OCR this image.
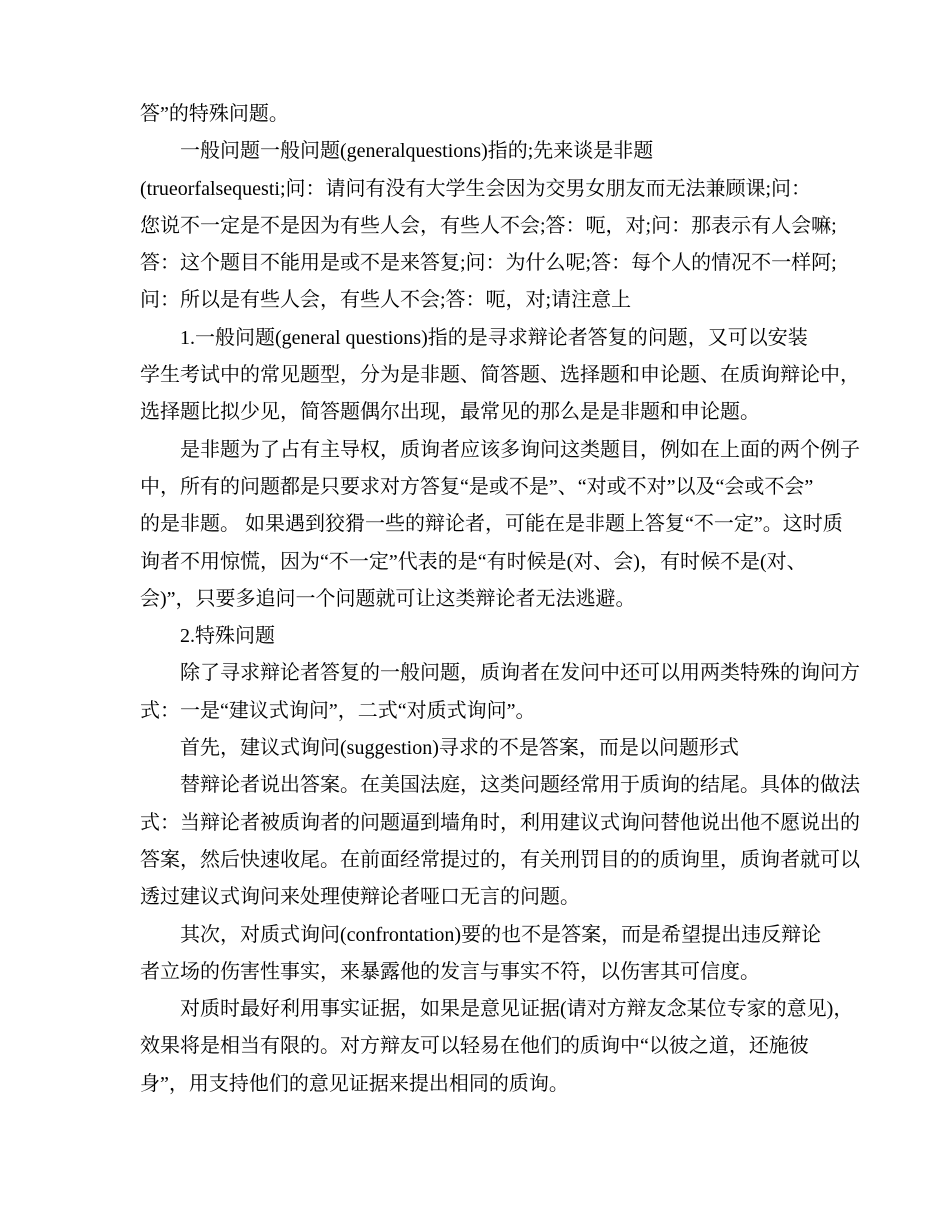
答”的特殊问题。
一般问题一般问题(generalquestions)指的;先来谈是非题
(trueorfalsequesti;问：请问有没有大学生会因为交男女朋友而无法兼顾课;问：
您说不一定是不是因为有些人会，有些人不会;答：呃，对;问：那表示有人会嘛;
答：这个题目不能用是或不是来答复;问：为什么呢;答：每个人的情况不一样阿;
问：所以是有些人会，有些人不会;答：呃，对;请注意上
1.一般问题(general questions)指的是寻求辩论者答复的问题，又可以安装
学生考试中的常见题型，分为是非题、简答题、选择题和申论题、在质询辩论中，
选择题比拟少见，简答题偶尔出现，最常见的那么是是非题和申论题。
是非题为了占有主导权，质询者应该多询问这类题目，例如在上面的两个例子
中，所有的问题都是只要求对方答复“是或不是”、“对或不对”以及“会或不会”
的是非题。 如果遇到狡猾一些的辩论者，可能在是非题上答复“不一定”。这时质
询者不用惊慌，因为“不一定”代表的是“有时候是(对、会)，有时候不是(对、
会)”，只要多追问一个问题就可让这类辩论者无法逃避。
2.特殊问题
除了寻求辩论者答复的一般问题，质询者在发问中还可以用两类特殊的询问方
式：一是“建议式询问”，二式“对质式询问”。
首先，建议式询问(suggestion)寻求的不是答案，而是以问题形式
替辩论者说出答案。在美国法庭，这类问题经常用于质询的结尾。具体的做法
式：当辩论者被质询者的问题逼到墙角时，利用建议式询问替他说出他不愿说出的
答案，然后快速收尾。在前面经常提过的，有关刑罚目的的质询里，质询者就可以
透过建议式询问来处理使辩论者哑口无言的问题。
其次，对质式询问(confrontation)要的也不是答案，而是希望提出违反辩论
者立场的伤害性事实，来暴露他的发言与事实不符，以伤害其可信度。
对质时最好利用事实证据，如果是意见证据(请对方辩友念某位专家的意见)，
效果将是相当有限的。对方辩友可以轻易在他们的质询中“以彼之道，还施彼
身”，用支持他们的意见证据来提出相同的质询。
